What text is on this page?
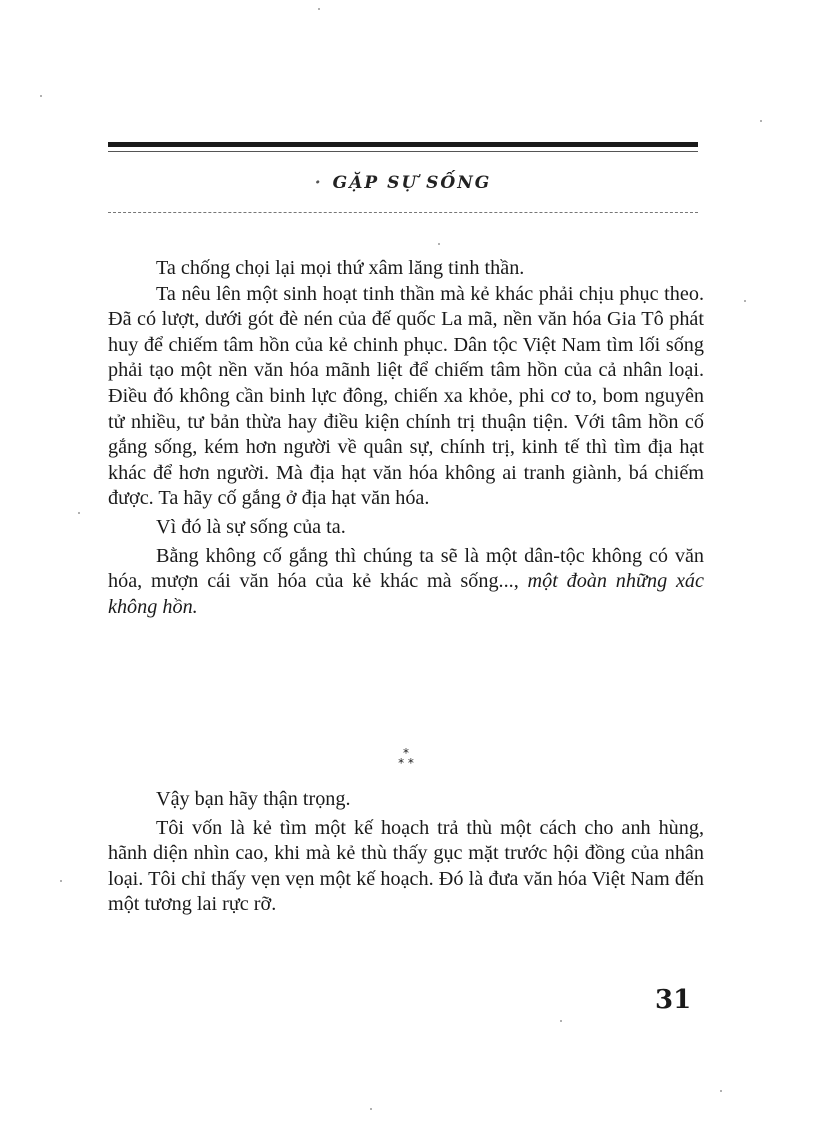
· GẶP SỰ SỐNG

Ta chống chọi lại mọi thứ xâm lăng tinh thần.

Ta nêu lên một sinh hoạt tinh thần mà kẻ khác phải chịu phục theo. Đã có lượt, dưới gót đè nén của đế quốc La mã, nền văn hóa Gia Tô phát huy để chiếm tâm hồn của kẻ chinh phục. Dân tộc Việt Nam tìm lối sống phải tạo một nền văn hóa mãnh liệt để chiếm tâm hồn của cả nhân loại. Điều đó không cần binh lực đông, chiến xa khỏe, phi cơ to, bom nguyên tử nhiều, tư bản thừa hay điều kiện chính trị thuận tiện. Với tâm hồn cố gắng sống, kém hơn người về quân sự, chính trị, kinh tế thì tìm địa hạt khác để hơn người. Mà địa hạt văn hóa không ai tranh giành, bá chiếm được. Ta hãy cố gắng ở địa hạt văn hóa.

Vì đó là sự sống của ta.

Bằng không cố gắng thì chúng ta sẽ là một dân-tộc không có văn hóa, mượn cái văn hóa của kẻ khác mà sống..., một đoàn những xác không hồn.

*
* *

Vậy bạn hãy thận trọng.

Tôi vốn là kẻ tìm một kế hoạch trả thù một cách cho anh hùng, hãnh diện nhìn cao, khi mà kẻ thù thấy gục mặt trước hội đồng của nhân loại. Tôi chỉ thấy vẹn vẹn một kế hoạch. Đó là đưa văn hóa Việt Nam đến một tương lai rực rỡ.

31
